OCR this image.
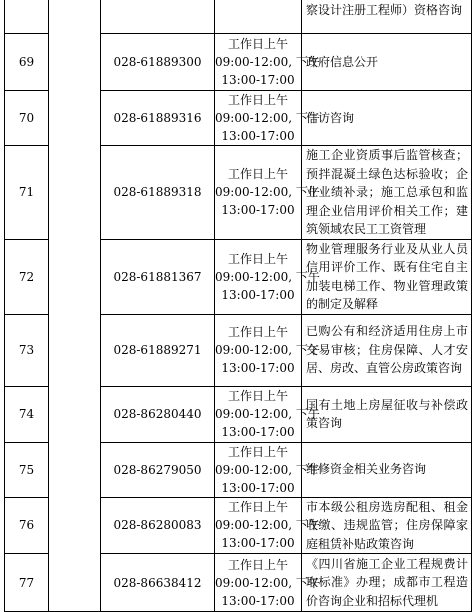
				察设计注册工程师）资格咨询
69		028-61889300	工作日上午
09:00-12:00, 下午
13:00-17:00	政府信息公开
70		028-61889316	工作日上午
09:00-12:00, 下午
13:00-17:00	信访咨询
71		028-61889318	工作日上午
09:00-12:00, 下午
13:00-17:00	施工企业资质事后监管核查；预拌混凝土绿色达标验收；企业业绩补录；施工总承包和监理企业信用评价相关工作；建筑领域农民工工资管理
72		028-61881367	工作日上午
09:00-12:00, 下午
13:00-17:00	物业管理服务行业及从业人员信用评价工作、既有住宅自主加装电梯工作、物业管理政策的制定及解释
73		028-61889271	工作日上午
09:00-12:00, 下午
13:00-17:00	已购公有和经济适用住房上市交易审核；住房保障、人才安居、房改、直管公房政策咨询
74		028-86280440	工作日上午
09:00-12:00, 下午
13:00-17:00	国有土地上房屋征收与补偿政策咨询
75		028-86279050	工作日上午
09:00-12:00, 下午
13:00-17:00	维修资金相关业务咨询
76		028-86280083	工作日上午
09:00-12:00, 下午
13:00-17:00	市本级公租房选房配租、租金收缴、违规监管；住房保障家庭租赁补贴政策咨询
77		028-86638412	工作日上午
09:00-12:00, 下午
13:00-17:00	《四川省施工企业工程规费计取标准》办理；成都市工程造价咨询企业和招标代理机
